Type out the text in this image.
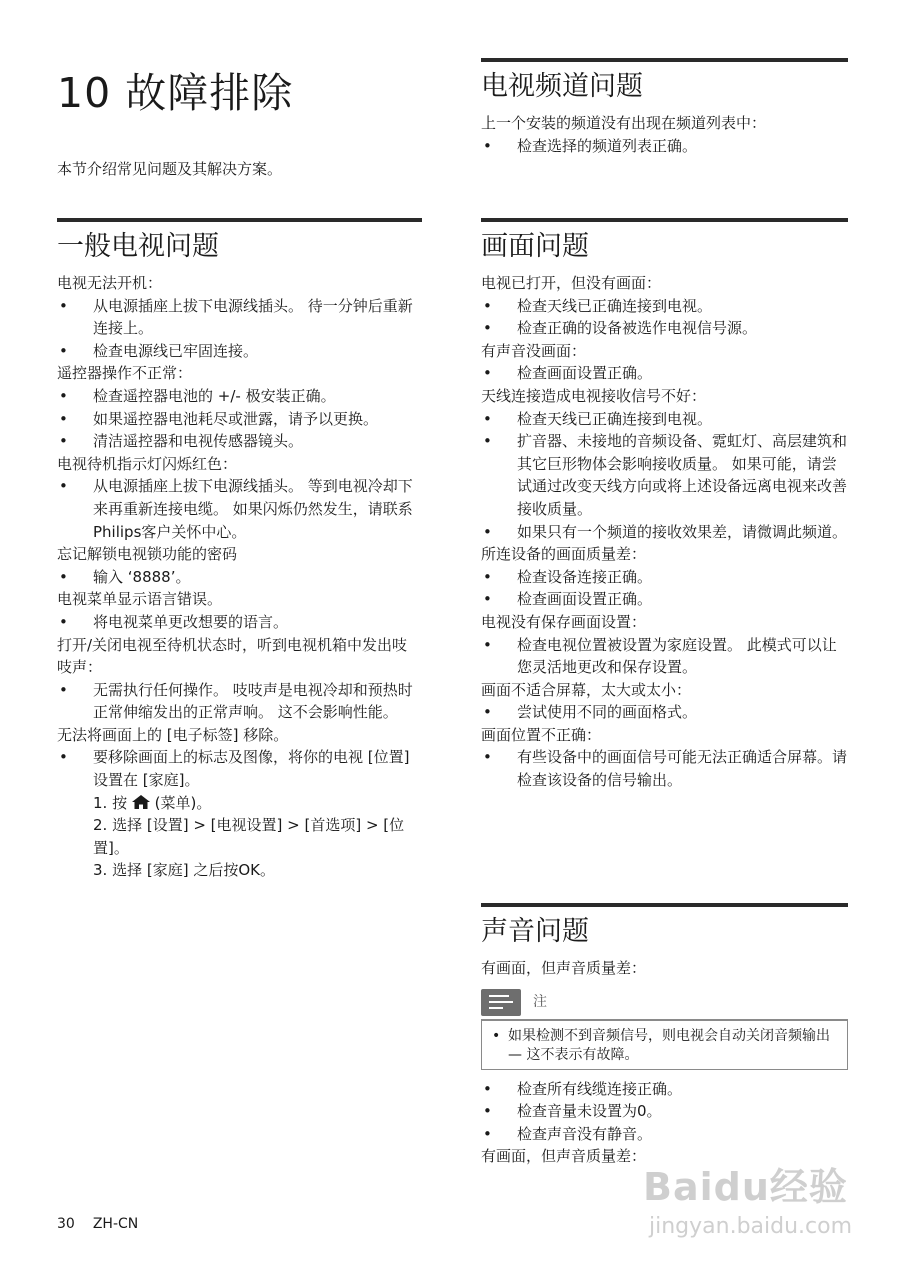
10 故障排除

本节介绍常见问题及其解决方案。

一般电视问题

电视无法开机：

• 从电源插座上拔下电源线插头。 待一分钟后重新连接上。
• 检查电源线已牢固连接。

遥控器操作不正常：

• 检查遥控器电池的 +/- 极安装正确。
• 如果遥控器电池耗尽或泄露，请予以更换。
• 清洁遥控器和电视传感器镜头。

电视待机指示灯闪烁红色：

• 从电源插座上拔下电源线插头。 等到电视冷却下来再重新连接电缆。 如果闪烁仍然发生，请联系Philips客户关怀中心。

忘记解锁电视锁功能的密码

• 输入 ‘8888’。

电视菜单显示语言错误。

• 将电视菜单更改想要的语言。

打开/关闭电视至待机状态时，听到电视机箱中发出吱吱声：

• 无需执行任何操作。 吱吱声是电视冷却和预热时正常伸缩发出的正常声响。 这不会影响性能。

无法将画面上的 [电子标签] 移除。

• 要移除画面上的标志及图像，将你的电视 [位置] 设置在 [家庭]。
1. 按 (菜单)。
2. 选择 [设置] > [电视设置] > [首选项] > [位置]。
3. 选择 [家庭] 之后按OK。
电视频道问题

上一个安装的频道没有出现在频道列表中：

• 检查选择的频道列表正确。
画面问题

电视已打开，但没有画面：

• 检查天线已正确连接到电视。
• 检查正确的设备被选作电视信号源。

有声音没画面：

• 检查画面设置正确。

天线连接造成电视接收信号不好：

• 检查天线已正确连接到电视。
• 扩音器、未接地的音频设备、霓虹灯、高层建筑和其它巨形物体会影响接收质量。 如果可能，请尝试通过改变天线方向或将上述设备远离电视来改善接收质量。
• 如果只有一个频道的接收效果差，请微调此频道。

所连设备的画面质量差：

• 检查设备连接正确。
• 检查画面设置正确。

电视没有保存画面设置：

• 检查电视位置被设置为家庭设置。 此模式可以让您灵活地更改和保存设置。

画面不适合屏幕，太大或太小：

• 尝试使用不同的画面格式。

画面位置不正确：

• 有些设备中的画面信号可能无法正确适合屏幕。请检查该设备的信号输出。
声音问题

有画面，但声音质量差：

注
• 如果检测不到音频信号，则电视会自动关闭音频输出 — 这不表示有故障。
• 检查所有线缆连接正确。
• 检查音量未设置为0。
• 检查声音没有静音。

有画面，但声音质量差：

30 ZH-CN
Baidu经验
jingyan.baidu.com
